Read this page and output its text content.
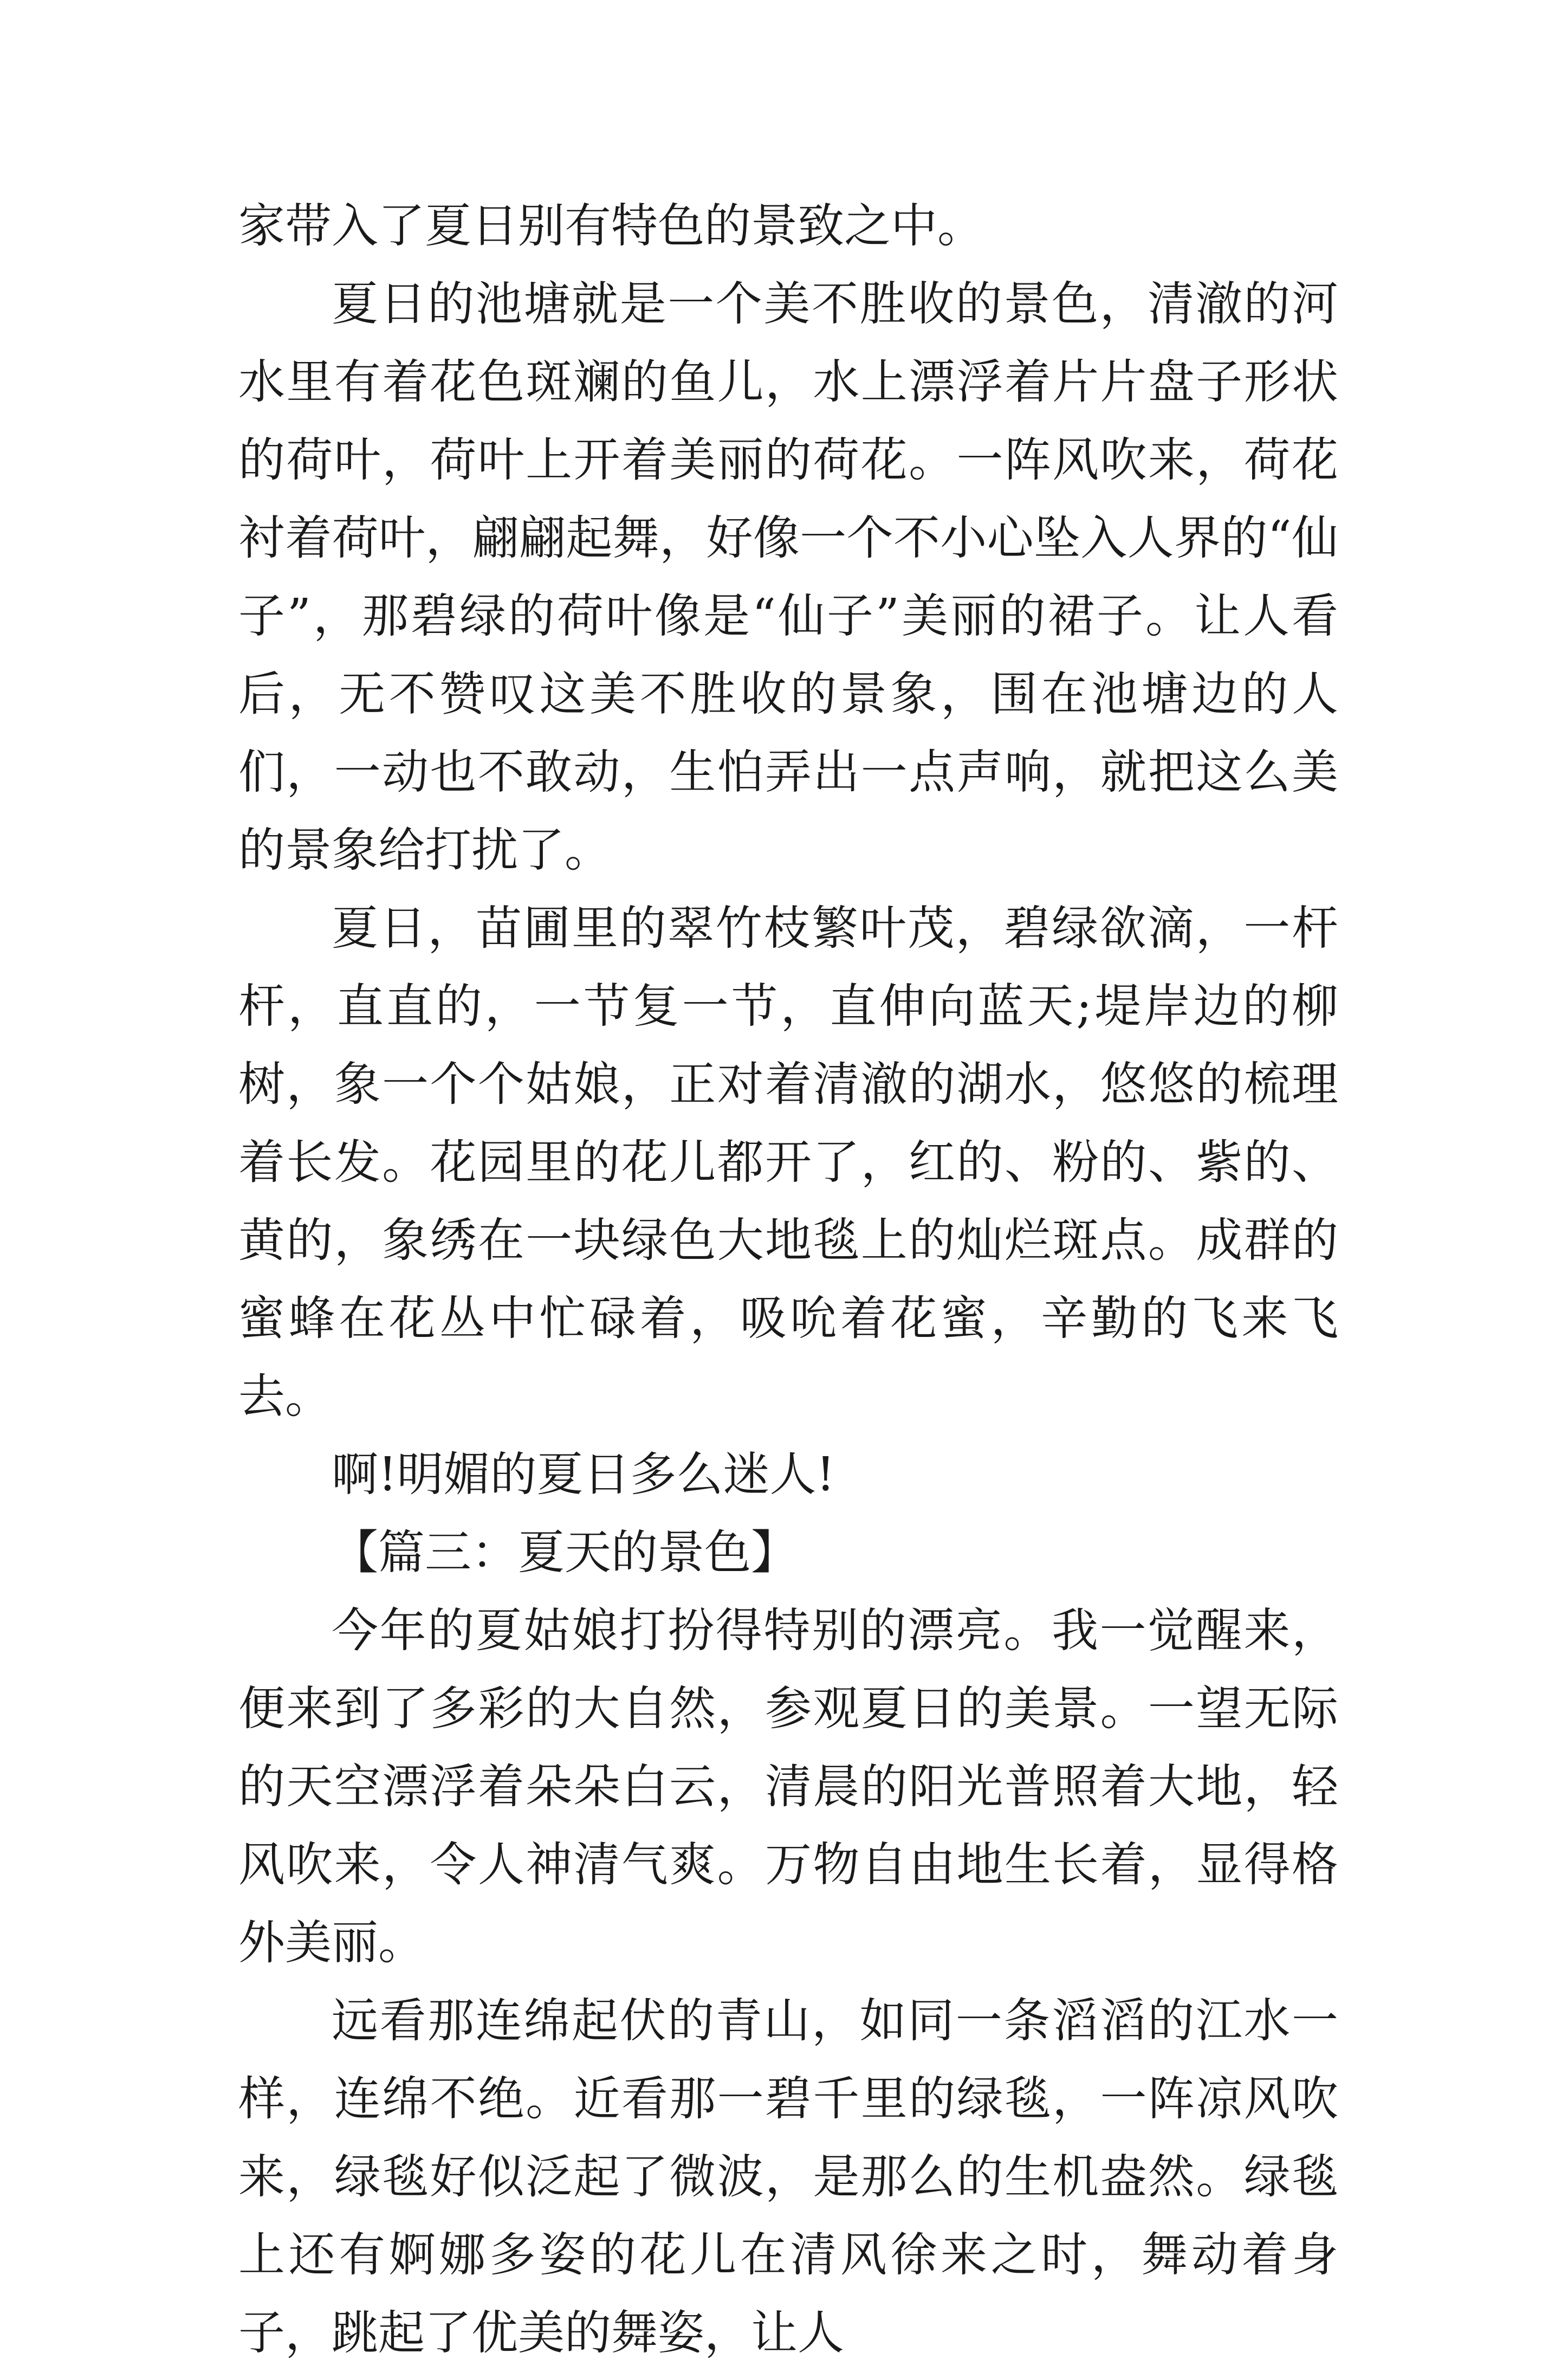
家带入了夏日别有特色的景致之中。

夏日的池塘就是一个美不胜收的景色，清澈的河水里有着花色斑斓的鱼儿，水上漂浮着片片盘子形状的荷叶，荷叶上开着美丽的荷花。一阵风吹来，荷花衬着荷叶，翩翩起舞，好像一个不小心坠入人界的“仙子”，那碧绿的荷叶像是“仙子”美丽的裙子。让人看后，无不赞叹这美不胜收的景象，围在池塘边的人们，一动也不敢动，生怕弄出一点声响，就把这么美的景象给打扰了。

夏日，苗圃里的翠竹枝繁叶茂，碧绿欲滴，一杆杆，直直的，一节复一节，直伸向蓝天;堤岸边的柳树，象一个个姑娘，正对着清澈的湖水，悠悠的梳理着长发。花园里的花儿都开了，红的、粉的、紫的、黄的，象绣在一块绿色大地毯上的灿烂斑点。成群的蜜蜂在花丛中忙碌着，吸吮着花蜜，辛勤的飞来飞去。

啊!明媚的夏日多么迷人!

【篇三：夏天的景色】

今年的夏姑娘打扮得特别的漂亮。我一觉醒来，便来到了多彩的大自然，参观夏日的美景。一望无际的天空漂浮着朵朵白云，清晨的阳光普照着大地，轻风吹来，令人神清气爽。万物自由地生长着，显得格外美丽。

远看那连绵起伏的青山，如同一条滔滔的江水一样，连绵不绝。近看那一碧千里的绿毯，一阵凉风吹来，绿毯好似泛起了微波，是那么的生机盎然。绿毯上还有婀娜多姿的花儿在清风徐来之时，舞动着身子，跳起了优美的舞姿，让人
